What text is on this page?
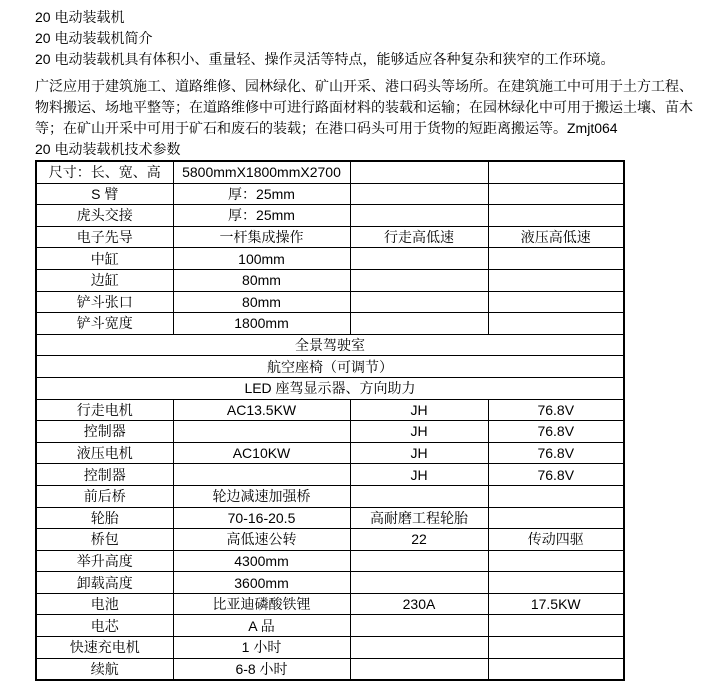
20 电动装载机

20 电动装载机简介

20 电动装载机具有体积小、重量轻、操作灵活等特点，能够适应各种复杂和狭窄的工作环境。

广泛应用于建筑施工、道路维修、园林绿化、矿山开采、港口码头等场所。在建筑施工中可用于土方工程、物料搬运、场地平整等；在道路维修中可进行路面材料的装载和运输；在园林绿化中可用于搬运土壤、苗木等；在矿山开采中可用于矿石和废石的装载；在港口码头可用于货物的短距离搬运等。Zmjt064

20 电动装载机技术参数

尺寸：长、宽、高	5800mmX1800mmX2700		
S 臂	厚：25mm		
虎头交接	厚：25mm		
电子先导	一杆集成操作	行走高低速	液压高低速
中缸	100mm		
边缸	80mm		
铲斗张口	80mm		
铲斗宽度	1800mm		
全景驾驶室			
航空座椅（可调节）			
LED 座驾显示器、方向助力			
行走电机	AC13.5KW	JH	76.8V
控制器		JH	76.8V
液压电机	AC10KW	JH	76.8V
控制器		JH	76.8V
前后桥	轮边减速加强桥		
轮胎	70-16-20.5	高耐磨工程轮胎	
桥包	高低速公转	22	传动四驱
举升高度	4300mm		
卸载高度	3600mm		
电池	比亚迪磷酸铁锂	230A	17.5KW
电芯	A 品		
快速充电机	1 小时		
续航	6-8 小时		
